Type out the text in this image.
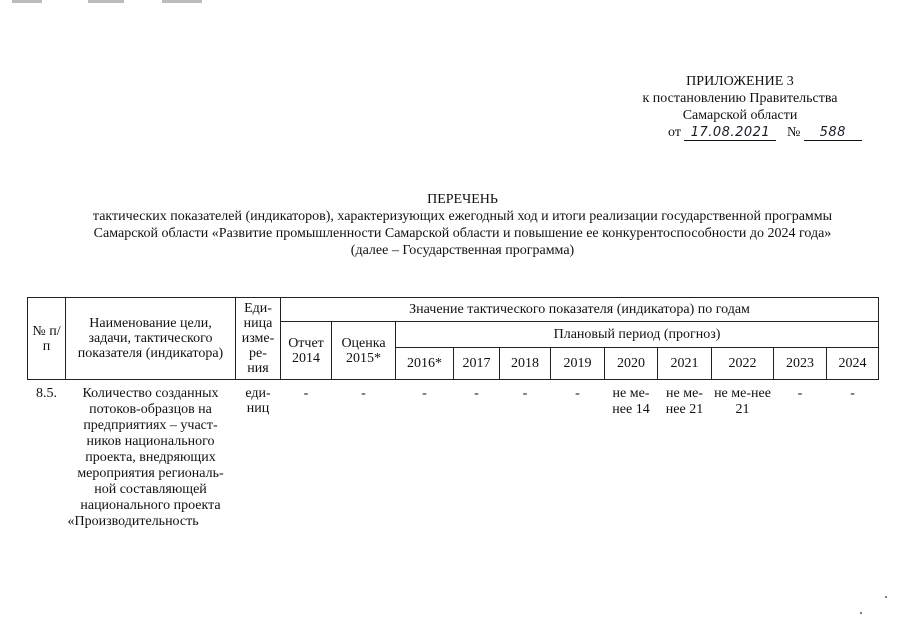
ПРИЛОЖЕНИЕ 3
к постановлению Правительства
Самарской области
от 17.08.2021 № 588
ПЕРЕЧЕНЬ
тактических показателей (индикаторов), характеризующих ежегодный ход и итоги реализации государственной программы
Самарской области «Развитие промышленности Самарской области и повышение ее конкурентоспособности до 2024 года»
(далее – Государственная программа)
№ п/п	Наименование цели, задачи, тактического показателя (индикатора)	Еди-ница изме-ре-ния	Значение тактического показателя (индикатора) по годам										
			Отчет 2014	Оценка 2015*	Плановый период (прогноз)								
					2016*	2017	2018	2019	2020	2021	2022	2023	2024
8.5.	Количество созданных потоков-образцов на предприятиях – участ-ников национального проекта, внедряющих мероприятия региональ-ной составляющей национального проекта «Производительность	еди-ниц	-	-	-	-	-	-	не ме-нее 14	не ме-нее 21	не ме-нее 21	-	-
